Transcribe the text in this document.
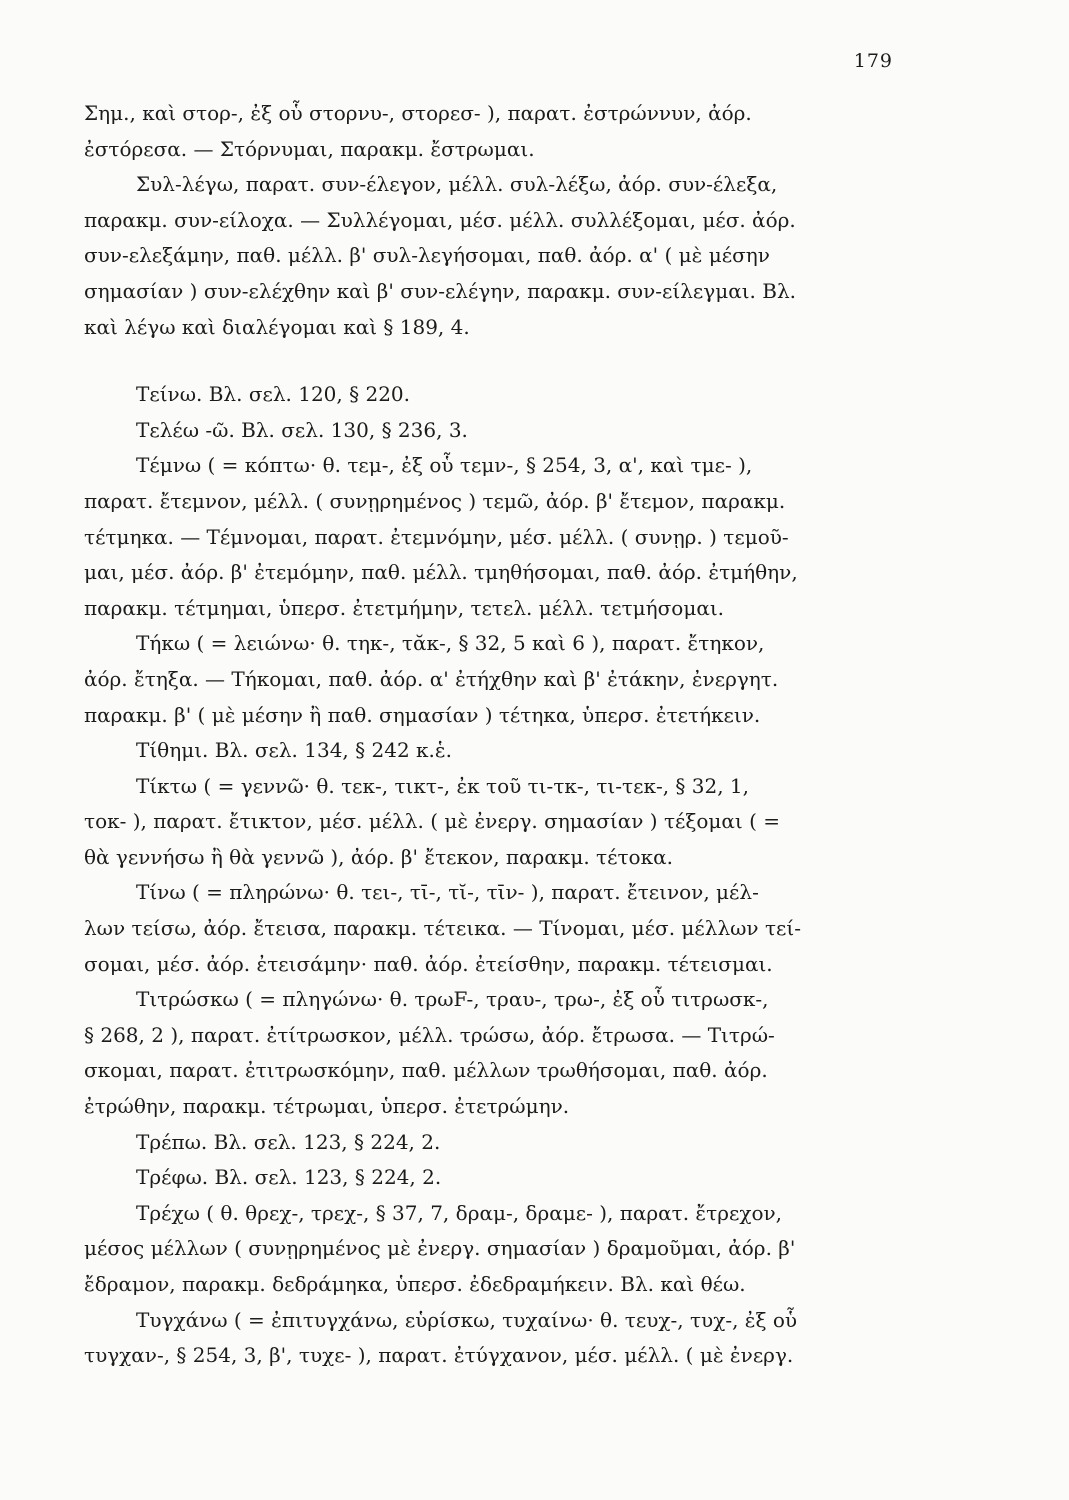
179
Σημ., καὶ στορ-, ἐξ οὗ στορνυ-, στορεσ- ), παρατ. ἐστρώννυν, ἀόρ.
ἐστόρεσα. — Στόρνυμαι, παρακμ. ἔστρωμαι.
Συλ-λέγω, παρατ. συν-έλεγον, μέλλ. συλ-λέξω, ἀόρ. συν-έλεξα,
παρακμ. συν-είλοχα. — Συλλέγομαι, μέσ. μέλλ. συλλέξομαι, μέσ. ἀόρ.
συν-ελεξάμην, παθ. μέλλ. β' συλ-λεγήσομαι, παθ. ἀόρ. α' ( μὲ μέσην
σημασίαν ) συν-ελέχθην καὶ β' συν-ελέγην, παρακμ. συν-είλεγμαι. Βλ.
καὶ λέγω καὶ διαλέγομαι καὶ § 189, 4.
Τείνω. Βλ. σελ. 120, § 220.
Τελέω -ῶ. Βλ. σελ. 130, § 236, 3.
Τέμνω ( = κόπτω· θ. τεμ-, ἐξ οὗ τεμν-, § 254, 3, α', καὶ τμε- ),
παρατ. ἔτεμνον, μέλλ. ( συνῃρημένος ) τεμῶ, ἀόρ. β' ἔτεμον, παρακμ.
τέτμηκα. — Τέμνομαι, παρατ. ἐτεμνόμην, μέσ. μέλλ. ( συνῃρ. ) τεμοῦ-
μαι, μέσ. ἀόρ. β' ἐτεμόμην, παθ. μέλλ. τμηθήσομαι, παθ. ἀόρ. ἐτμήθην,
παρακμ. τέτμημαι, ὑπερσ. ἐτετμήμην, τετελ. μέλλ. τετμήσομαι.
Τήκω ( = λειώνω· θ. τηκ-, τᾰκ-, § 32, 5 καὶ 6 ), παρατ. ἔτηκον,
ἀόρ. ἔτηξα. — Τήκομαι, παθ. ἀόρ. α' ἐτήχθην καὶ β' ἐτάκην, ἐνεργητ.
παρακμ. β' ( μὲ μέσην ἢ παθ. σημασίαν ) τέτηκα, ὑπερσ. ἐτετήκειν.
Τίθημι. Βλ. σελ. 134, § 242 κ.ἑ.
Τίκτω ( = γεννῶ· θ. τεκ-, τικτ-, ἐκ τοῦ τι-τκ-, τι-τεκ-, § 32, 1,
τοκ- ), παρατ. ἔτικτον, μέσ. μέλλ. ( μὲ ἐνεργ. σημασίαν ) τέξομαι ( =
θὰ γεννήσω ἢ θὰ γεννῶ ), ἀόρ. β' ἔτεκον, παρακμ. τέτοκα.
Τίνω ( = πληρώνω· θ. τει-, τῑ-, τῐ-, τῑν- ), παρατ. ἔτεινον, μέλ-
λων τείσω, ἀόρ. ἔτεισα, παρακμ. τέτεικα. — Τίνομαι, μέσ. μέλλων τεί-
σομαι, μέσ. ἀόρ. ἐτεισάμην· παθ. ἀόρ. ἐτείσθην, παρακμ. τέτεισμαι.
Τιτρώσκω ( = πληγώνω· θ. τρωF-, τραυ-, τρω-, ἐξ οὗ τιτρωσκ-,
§ 268, 2 ), παρατ. ἐτίτρωσκον, μέλλ. τρώσω, ἀόρ. ἔτρωσα. — Τιτρώ-
σκομαι, παρατ. ἐτιτρωσκόμην, παθ. μέλλων τρωθήσομαι, παθ. ἀόρ.
ἐτρώθην, παρακμ. τέτρωμαι, ὑπερσ. ἐτετρώμην.
Τρέπω. Βλ. σελ. 123, § 224, 2.
Τρέφω. Βλ. σελ. 123, § 224, 2.
Τρέχω ( θ. θρεχ-, τρεχ-, § 37, 7, δραμ-, δραμε- ), παρατ. ἔτρεχον,
μέσος μέλλων ( συνῃρημένος μὲ ἐνεργ. σημασίαν ) δραμοῦμαι, ἀόρ. β'
ἔδραμον, παρακμ. δεδράμηκα, ὑπερσ. ἐδεδραμήκειν. Βλ. καὶ θέω.
Τυγχάνω ( = ἐπιτυγχάνω, εὑρίσκω, τυχαίνω· θ. τευχ-, τυχ-, ἐξ οὗ
τυγχαν-, § 254, 3, β', τυχε- ), παρατ. ἐτύγχανον, μέσ. μέλλ. ( μὲ ἐνεργ.
